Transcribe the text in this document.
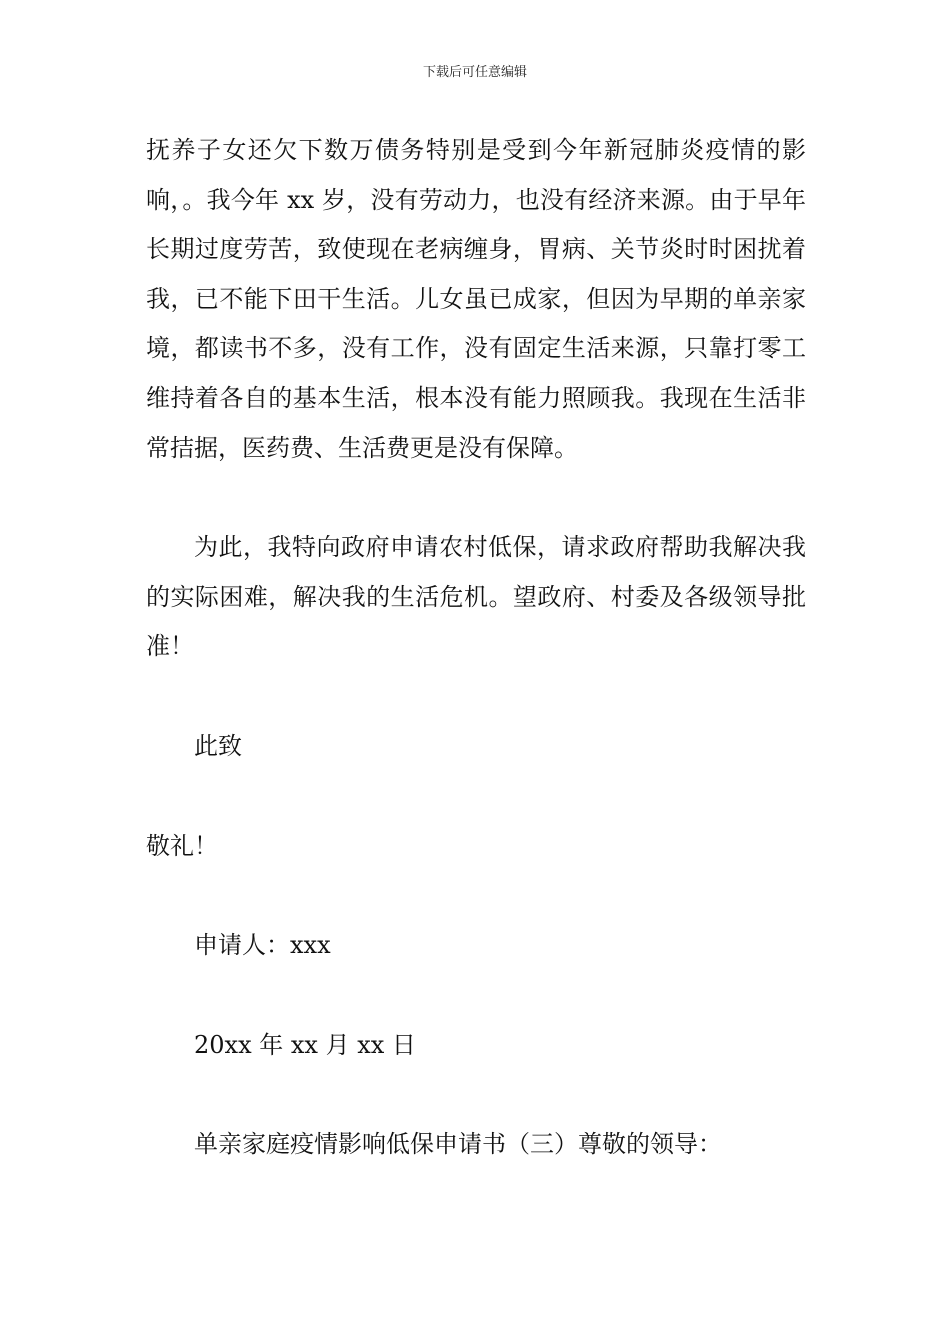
下载后可任意编辑

抚养子女还欠下数万债务特别是受到今年新冠肺炎疫情的影响，。我今年 xx 岁，没有劳动力，也没有经济来源。由于早年长期过度劳苦，致使现在老病缠身，胃病、关节炎时时困扰着我，已不能下田干生活。儿女虽已成家，但因为早期的单亲家境，都读书不多，没有工作，没有固定生活来源，只靠打零工维持着各自的基本生活，根本没有能力照顾我。我现在生活非常拮据，医药费、生活费更是没有保障。

为此，我特向政府申请农村低保，请求政府帮助我解决我的实际困难，解决我的生活危机。望政府、村委及各级领导批准！

此致

敬礼！

申请人：xxx

20xx 年 xx 月 xx 日

单亲家庭疫情影响低保申请书（三）尊敬的领导：
